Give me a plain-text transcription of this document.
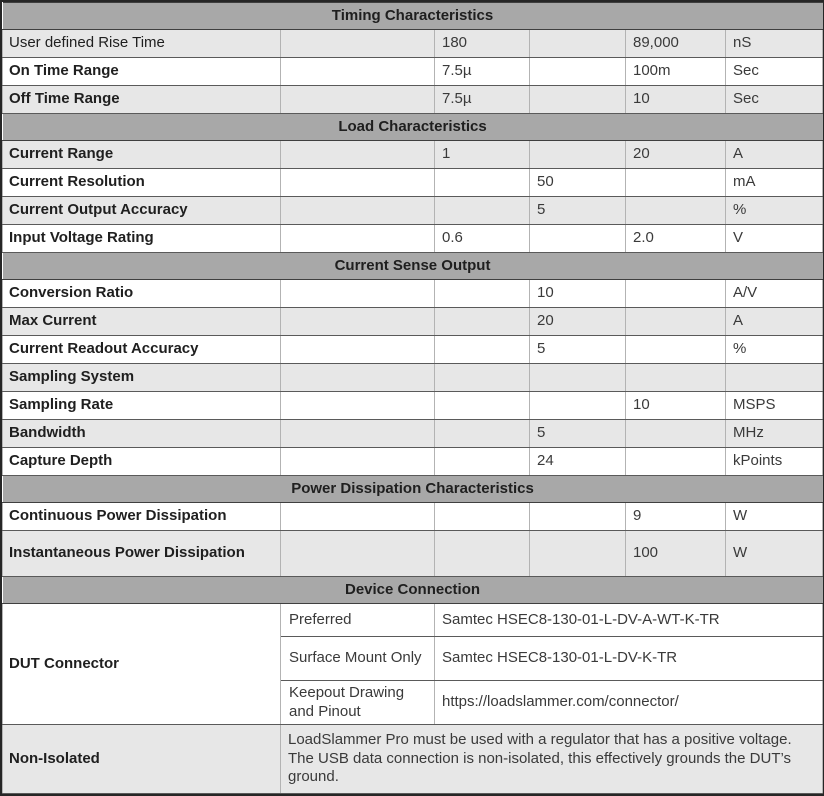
Timing Characteristics					
User defined Rise Time		180		89,000	nS
On Time Range		7.5µ		100m	Sec
Off Time Range		7.5µ		10	Sec
Load Characteristics					
Current Range		1		20	A
Current Resolution			50		mA
Current Output Accuracy			5		%
Input Voltage Rating		0.6		2.0	V
Current Sense Output					
Conversion Ratio			10		A/V
Max Current			20		A
Current Readout Accuracy			5		%
Sampling System					
Sampling Rate				10	MSPS
Bandwidth			5		MHz
Capture Depth			24		kPoints
Power Dissipation Characteristics					
Continuous Power Dissipation				9	W
Instantaneous Power Dissipation				100	W
Device Connection					
DUT Connector	Preferred	Samtec HSEC8-130-01-L-DV-A-WT-K-TR			
	Surface Mount Only	Samtec HSEC8-130-01-L-DV-K-TR			
	Keepout Drawing and Pinout	https://loadslammer.com/connector/			
Non-Isolated	LoadSlammer Pro must be used with a regulator that has a positive voltage. The USB data connection is non-isolated, this effectively grounds the DUT’s ground.				
